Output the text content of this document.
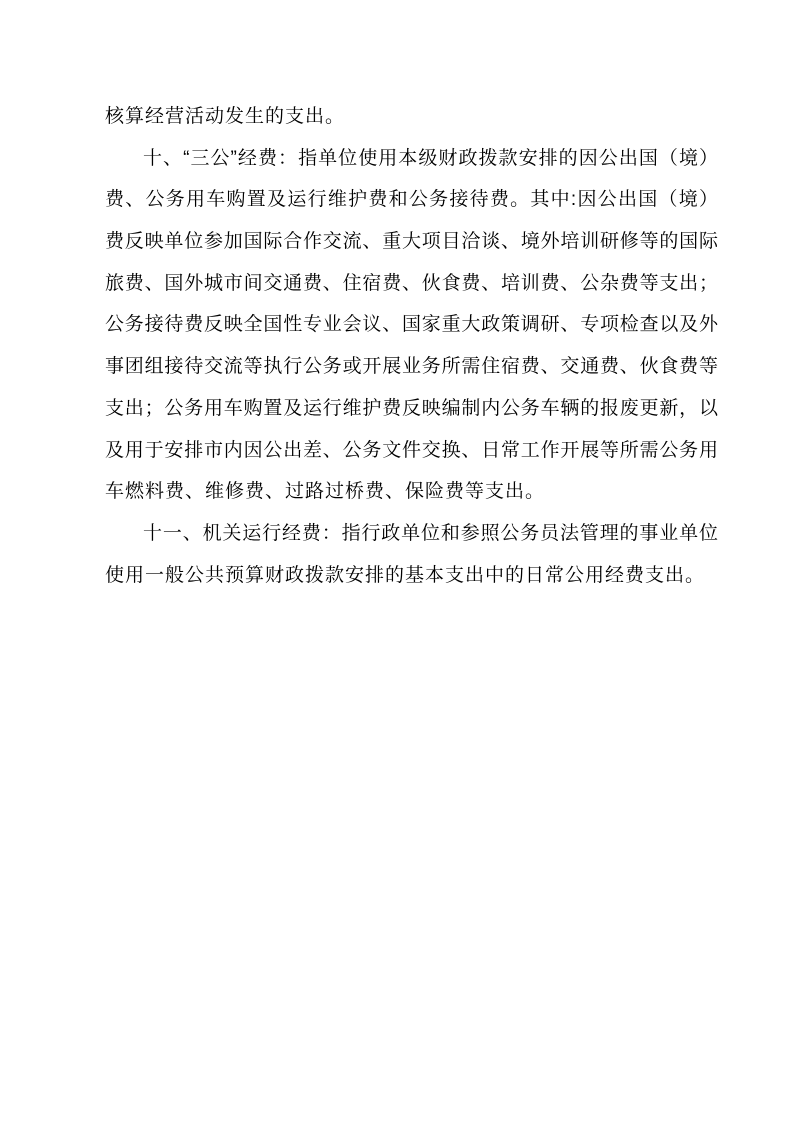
核算经营活动发生的支出。
十、“三公”经费：指单位使用本级财政拨款安排的因公出国（境）
费、公务用车购置及运行维护费和公务接待费。其中:因公出国（境）
费反映单位参加国际合作交流、重大项目洽谈、境外培训研修等的国际
旅费、国外城市间交通费、住宿费、伙食费、培训费、公杂费等支出；
公务接待费反映全国性专业会议、国家重大政策调研、专项检查以及外
事团组接待交流等执行公务或开展业务所需住宿费、交通费、伙食费等
支出；公务用车购置及运行维护费反映编制内公务车辆的报废更新，以
及用于安排市内因公出差、公务文件交换、日常工作开展等所需公务用
车燃料费、维修费、过路过桥费、保险费等支出。
十一、机关运行经费：指行政单位和参照公务员法管理的事业单位
使用一般公共预算财政拨款安排的基本支出中的日常公用经费支出。
